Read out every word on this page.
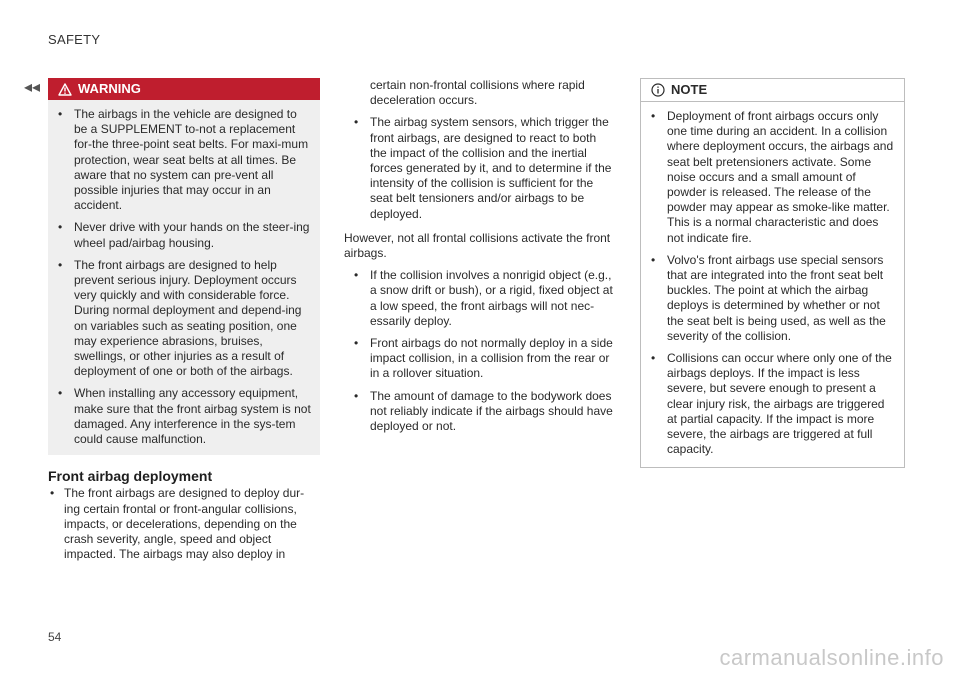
SAFETY
◂◂	WARNING
• The airbags in the vehicle are designed to be a SUPPLEMENT to-not a replacement for-the three-point seat belts. For maxi-mum protection, wear seat belts at all times. Be aware that no system can pre-vent all possible injuries that may occur in an accident.
• Never drive with your hands on the steer-ing wheel pad/airbag housing.
• The front airbags are designed to help prevent serious injury. Deployment occurs very quickly and with considerable force. During normal deployment and depend-ing on variables such as seating position, one may experience abrasions, bruises, swellings, or other injuries as a result of deployment of one or both of the airbags.
• When installing any accessory equipment, make sure that the front airbag system is not damaged. Any interference in the sys-tem could cause malfunction.
Front airbag deployment
• The front airbags are designed to deploy dur-ing certain frontal or front-angular collisions, impacts, or decelerations, depending on the crash severity, angle, speed and object impacted. The airbags may also deploy in

certain non-frontal collisions where rapid deceleration occurs.

• The airbag system sensors, which trigger the front airbags, are designed to react to both the impact of the collision and the inertial forces generated by it, and to determine if the intensity of the collision is sufficient for the seat belt tensioners and/or airbags to be deployed.

However, not all frontal collisions activate the front airbags.

• If the collision involves a nonrigid object (e.g., a snow drift or bush), or a rigid, fixed object at a low speed, the front airbags will not nec-essarily deploy.
• Front airbags do not normally deploy in a side impact collision, in a collision from the rear or in a rollover situation.
• The amount of damage to the bodywork does not reliably indicate if the airbags should have deployed or not.
NOTE
• Deployment of front airbags occurs only one time during an accident. In a collision where deployment occurs, the airbags and seat belt pretensioners activate. Some noise occurs and a small amount of powder is released. The release of the powder may appear as smoke-like matter. This is a normal characteristic and does not indicate fire.
• Volvo's front airbags use special sensors that are integrated into the front seat belt buckles. The point at which the airbag deploys is determined by whether or not the seat belt is being used, as well as the severity of the collision.
• Collisions can occur where only one of the airbags deploys. If the impact is less severe, but severe enough to present a clear injury risk, the airbags are triggered at partial capacity. If the impact is more severe, the airbags are triggered at full capacity.
54
carmanualsonline.info
